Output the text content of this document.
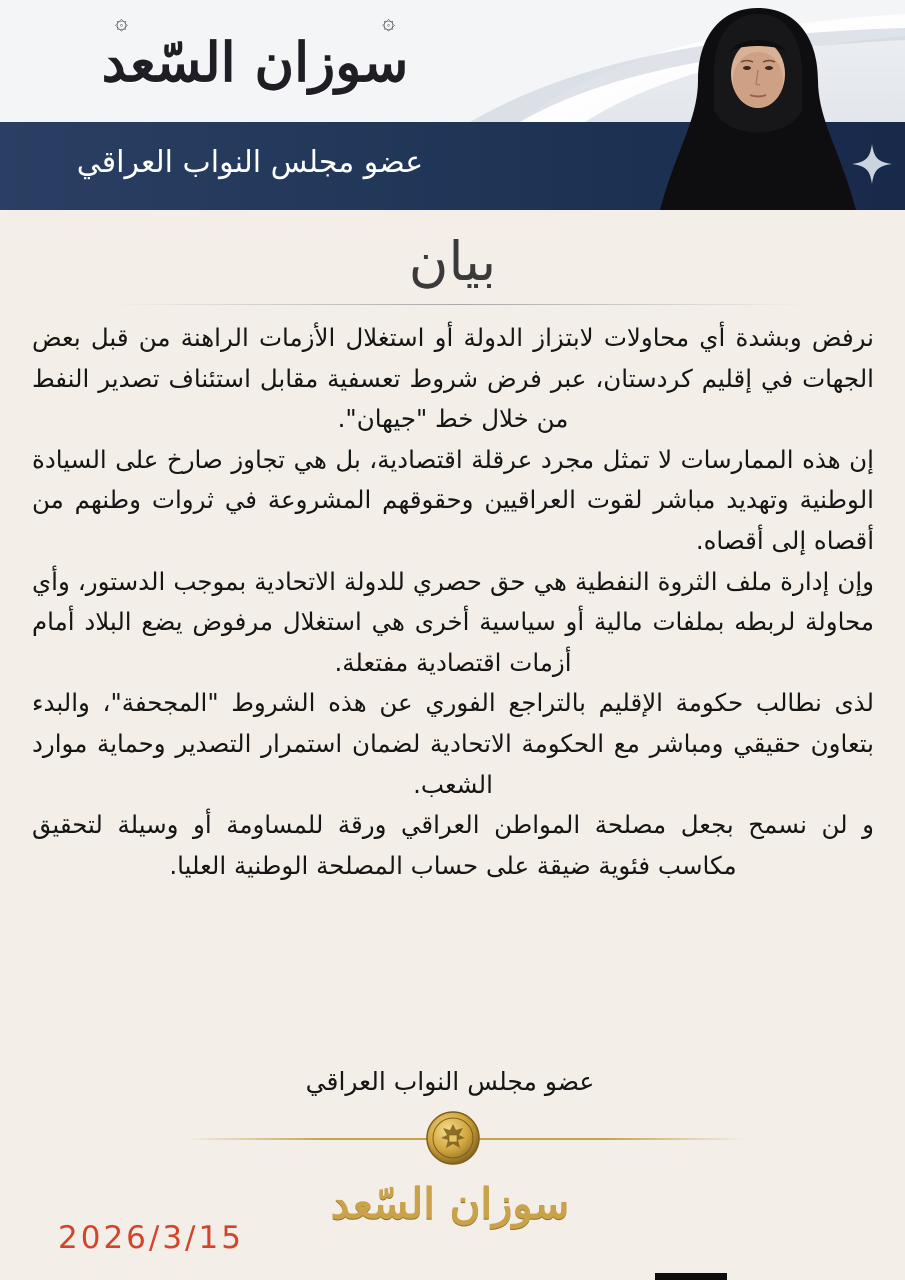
۞
سوزان السّعد
۞
عضو مجلس النواب العراقي
بيان

نرفض وبشدة أي محاولات لابتزاز الدولة أو استغلال الأزمات الراهنة من قبل بعض الجهات في إقليم كردستان، عبر فرض شروط تعسفية مقابل استئناف تصدير النفط من خلال خط "جيهان".

إن هذه الممارسات لا تمثل مجرد عرقلة اقتصادية، بل هي تجاوز صارخ على السيادة الوطنية وتهديد مباشر لقوت العراقيين وحقوقهم المشروعة في ثروات وطنهم من أقصاه إلى أقصاه.

وإن إدارة ملف الثروة النفطية هي حق حصري للدولة الاتحادية بموجب الدستور، وأي محاولة لربطه بملفات مالية أو سياسية أخرى هي استغلال مرفوض يضع البلاد أمام أزمات اقتصادية مفتعلة.

لذى نطالب حكومة الإقليم بالتراجع الفوري عن هذه الشروط "المجحفة"، والبدء بتعاون حقيقي ومباشر مع الحكومة الاتحادية لضمان استمرار التصدير وحماية موارد الشعب.

و لن نسمح بجعل مصلحة المواطن العراقي ورقة للمساومة أو وسيلة لتحقيق مكاسب فئوية ضيقة على حساب المصلحة الوطنية العليا.

عضو مجلس النواب العراقي
سوزان السّعد
2026/3/15
